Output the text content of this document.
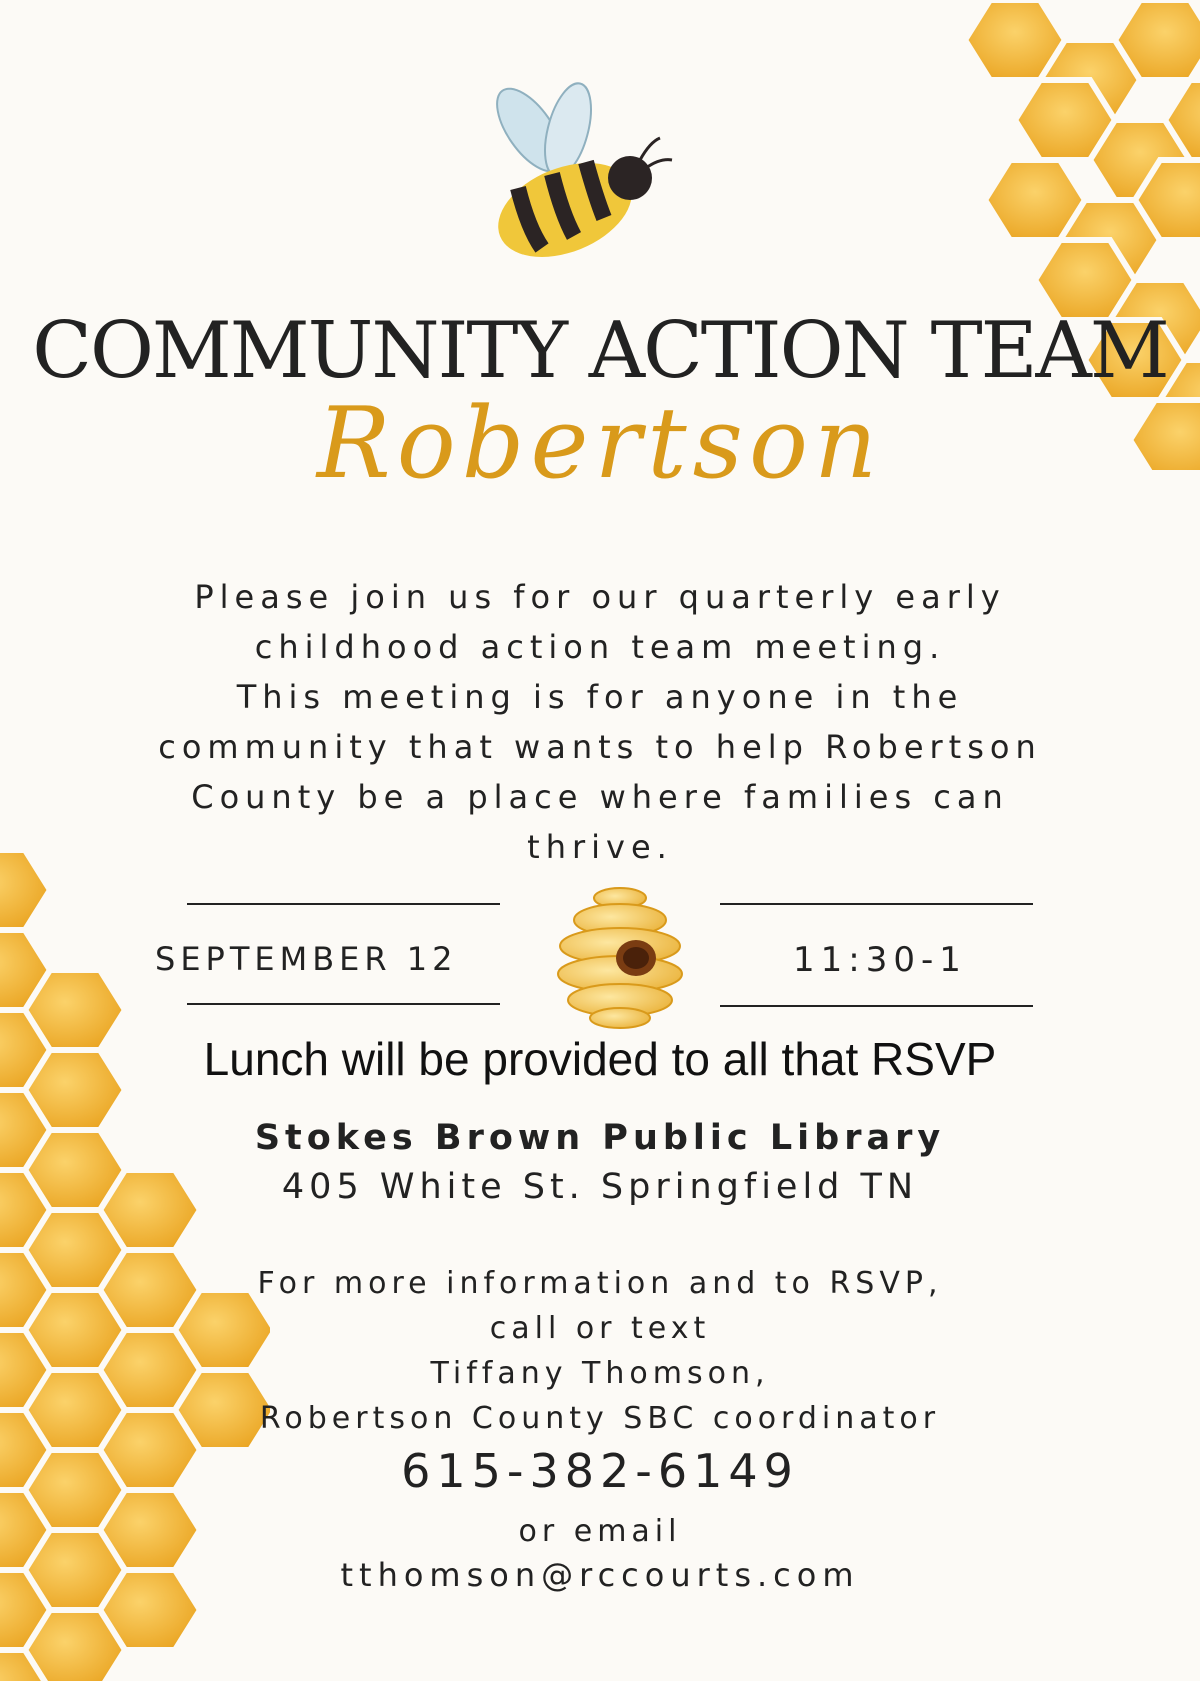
COMMUNITY ACTION TEAM
Robertson
Please join us for our quarterly early
childhood action team meeting.
This meeting is for anyone in the
community that wants to help Robertson
County be a place where families can
thrive.
SEPTEMBER 12	11:30-1
Lunch will be provided to all that RSVP
Stokes Brown Public Library
405 White St. Springfield TN
For more information and to RSVP,
call or text
Tiffany Thomson,
Robertson County SBC coordinator
615-382-6149
or email
tthomson@rccourts.com
